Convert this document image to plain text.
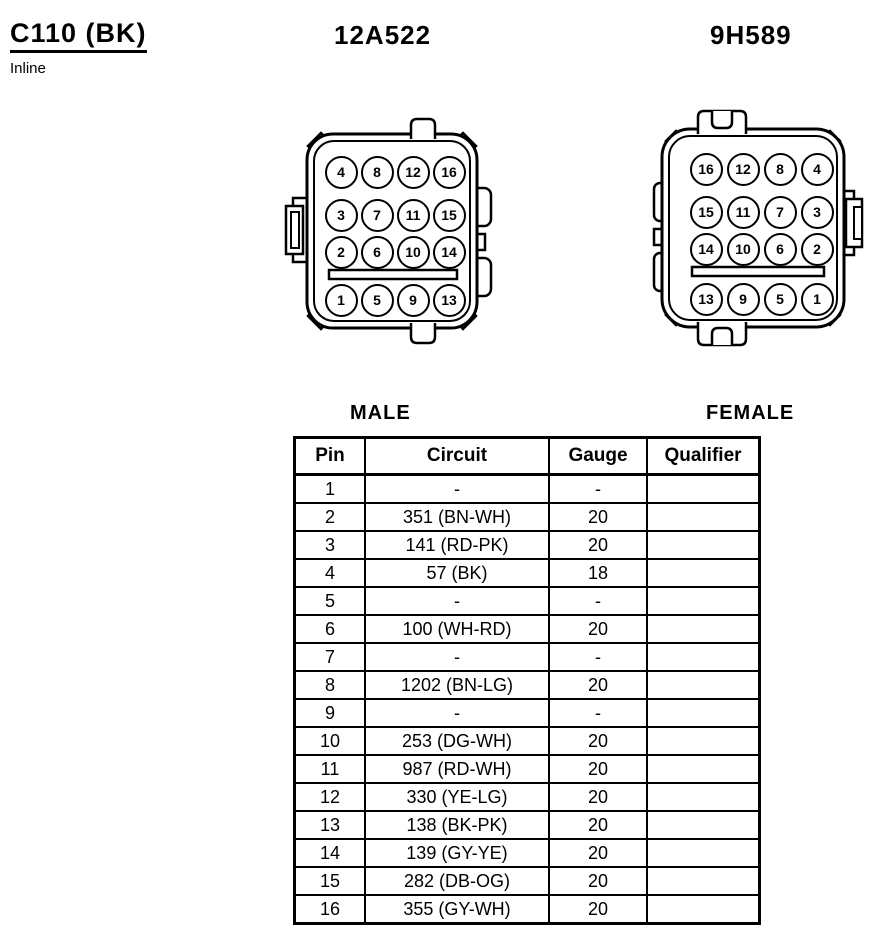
C110 (BK)
Inline
12A522	9H589
4	8	12	16
3	7	11	15
2	6	10	14
1	5	9	13
16	12	8	4
15	11	7	3
14	10	6	2
13	9	5	1
MALE	FEMALE
Pin	Circuit	Gauge	Qualifier
1	-	-	
2	351 (BN-WH)	20	
3	141 (RD-PK)	20	
4	57 (BK)	18	
5	-	-	
6	100 (WH-RD)	20	
7	-	-	
8	1202 (BN-LG)	20	
9	-	-	
10	253 (DG-WH)	20	
11	987 (RD-WH)	20	
12	330 (YE-LG)	20	
13	138 (BK-PK)	20	
14	139 (GY-YE)	20	
15	282 (DB-OG)	20	
16	355 (GY-WH)	20	
